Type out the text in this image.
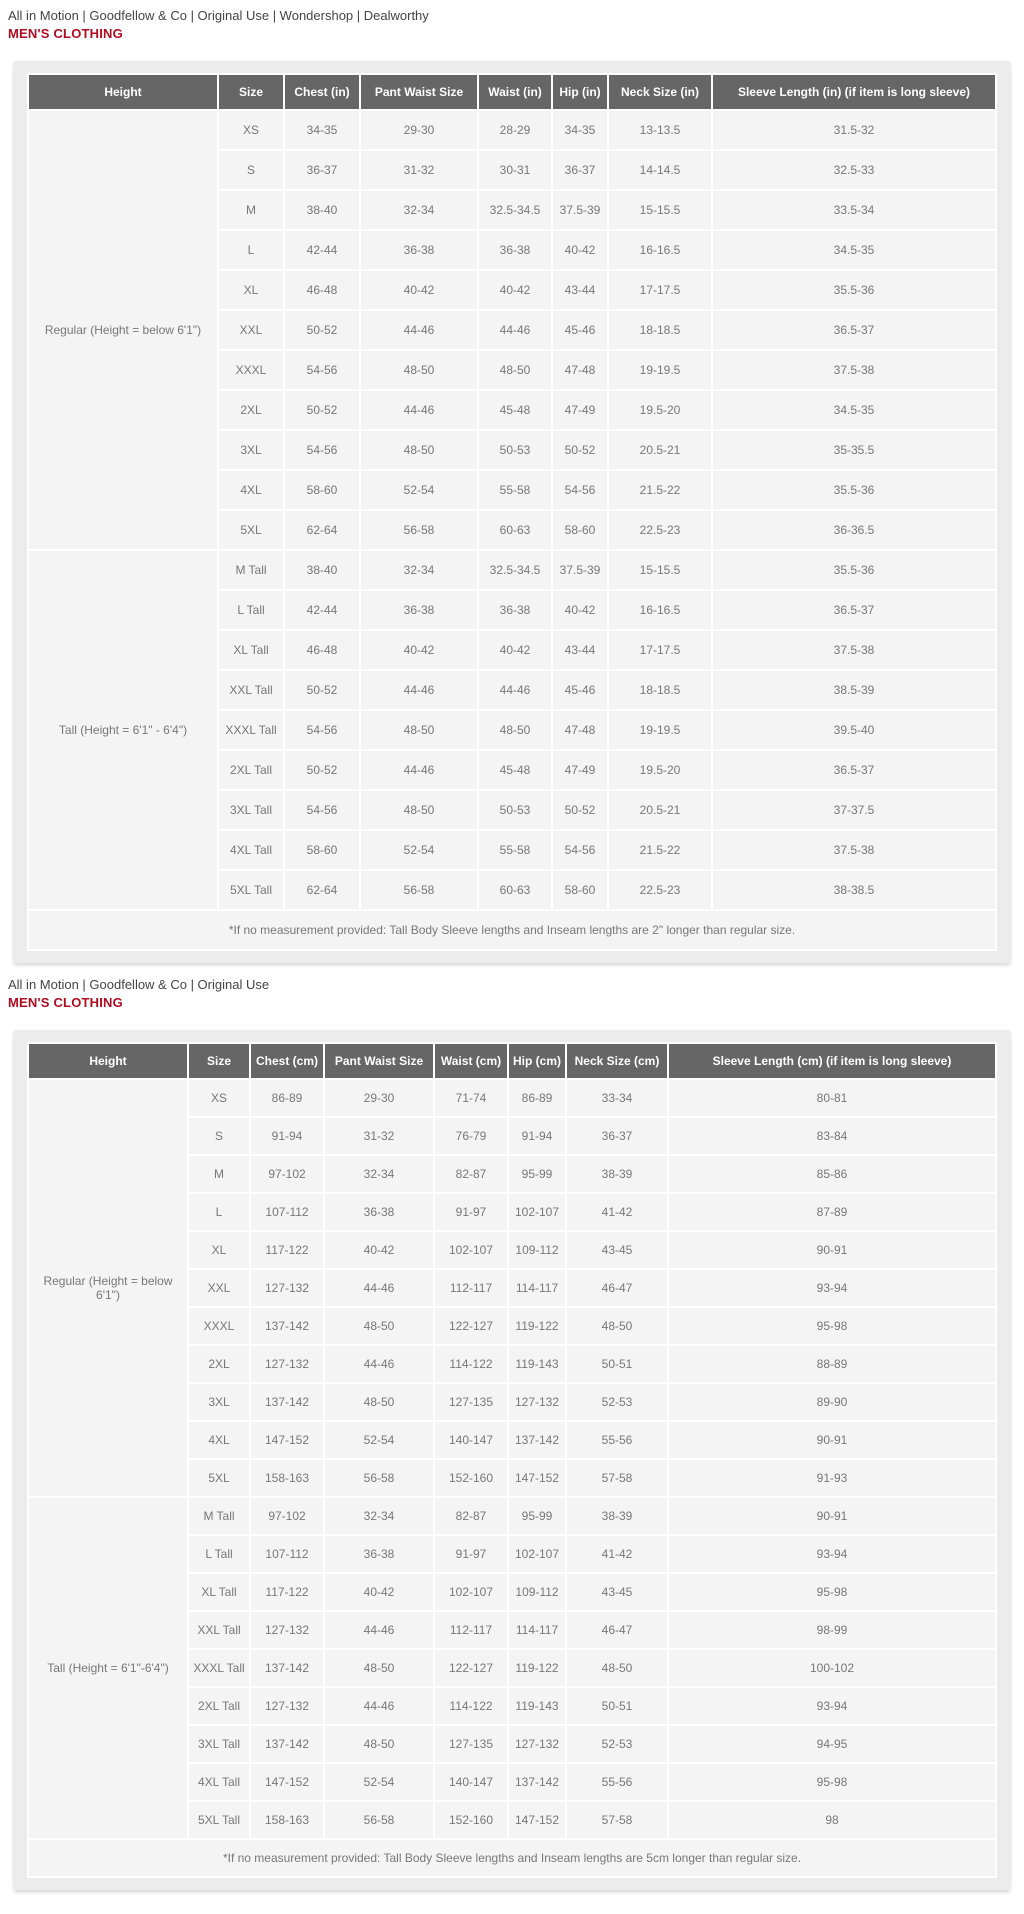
All in Motion | Goodfellow & Co | Original Use | Wondershop | Dealworthy
MEN'S CLOTHING
Height	Size	Chest (in)	Pant Waist Size	Waist (in)	Hip (in)	Neck Size (in)	Sleeve Length (in) (if item is long sleeve)
Regular (Height = below 6'1")	XS	34-35	29-30	28-29	34-35	13-13.5	31.5-32
	S	36-37	31-32	30-31	36-37	14-14.5	32.5-33
	M	38-40	32-34	32.5-34.5	37.5-39	15-15.5	33.5-34
	L	42-44	36-38	36-38	40-42	16-16.5	34.5-35
	XL	46-48	40-42	40-42	43-44	17-17.5	35.5-36
	XXL	50-52	44-46	44-46	45-46	18-18.5	36.5-37
	XXXL	54-56	48-50	48-50	47-48	19-19.5	37.5-38
	2XL	50-52	44-46	45-48	47-49	19.5-20	34.5-35
	3XL	54-56	48-50	50-53	50-52	20.5-21	35-35.5
	4XL	58-60	52-54	55-58	54-56	21.5-22	35.5-36
	5XL	62-64	56-58	60-63	58-60	22.5-23	36-36.5
Tall (Height = 6'1" - 6'4")	M Tall	38-40	32-34	32.5-34.5	37.5-39	15-15.5	35.5-36
	L Tall	42-44	36-38	36-38	40-42	16-16.5	36.5-37
	XL Tall	46-48	40-42	40-42	43-44	17-17.5	37.5-38
	XXL Tall	50-52	44-46	44-46	45-46	18-18.5	38.5-39
	XXXL Tall	54-56	48-50	48-50	47-48	19-19.5	39.5-40
	2XL Tall	50-52	44-46	45-48	47-49	19.5-20	36.5-37
	3XL Tall	54-56	48-50	50-53	50-52	20.5-21	37-37.5
	4XL Tall	58-60	52-54	55-58	54-56	21.5-22	37.5-38
	5XL Tall	62-64	56-58	60-63	58-60	22.5-23	38-38.5
*If no measurement provided: Tall Body Sleeve lengths and Inseam lengths are 2" longer than regular size.							
All in Motion | Goodfellow & Co | Original Use
MEN'S CLOTHING
Height	Size	Chest (cm)	Pant Waist Size	Waist (cm)	Hip (cm)	Neck Size (cm)	Sleeve Length (cm) (if item is long sleeve)
Regular (Height = below 6'1")	XS	86-89	29-30	71-74	86-89	33-34	80-81
	S	91-94	31-32	76-79	91-94	36-37	83-84
	M	97-102	32-34	82-87	95-99	38-39	85-86
	L	107-112	36-38	91-97	102-107	41-42	87-89
	XL	117-122	40-42	102-107	109-112	43-45	90-91
	XXL	127-132	44-46	112-117	114-117	46-47	93-94
	XXXL	137-142	48-50	122-127	119-122	48-50	95-98
	2XL	127-132	44-46	114-122	119-143	50-51	88-89
	3XL	137-142	48-50	127-135	127-132	52-53	89-90
	4XL	147-152	52-54	140-147	137-142	55-56	90-91
	5XL	158-163	56-58	152-160	147-152	57-58	91-93
Tall (Height = 6'1"-6'4")	M Tall	97-102	32-34	82-87	95-99	38-39	90-91
	L Tall	107-112	36-38	91-97	102-107	41-42	93-94
	XL Tall	117-122	40-42	102-107	109-112	43-45	95-98
	XXL Tall	127-132	44-46	112-117	114-117	46-47	98-99
	XXXL Tall	137-142	48-50	122-127	119-122	48-50	100-102
	2XL Tall	127-132	44-46	114-122	119-143	50-51	93-94
	3XL Tall	137-142	48-50	127-135	127-132	52-53	94-95
	4XL Tall	147-152	52-54	140-147	137-142	55-56	95-98
	5XL Tall	158-163	56-58	152-160	147-152	57-58	98
*If no measurement provided: Tall Body Sleeve lengths and Inseam lengths are 5cm longer than regular size.							
